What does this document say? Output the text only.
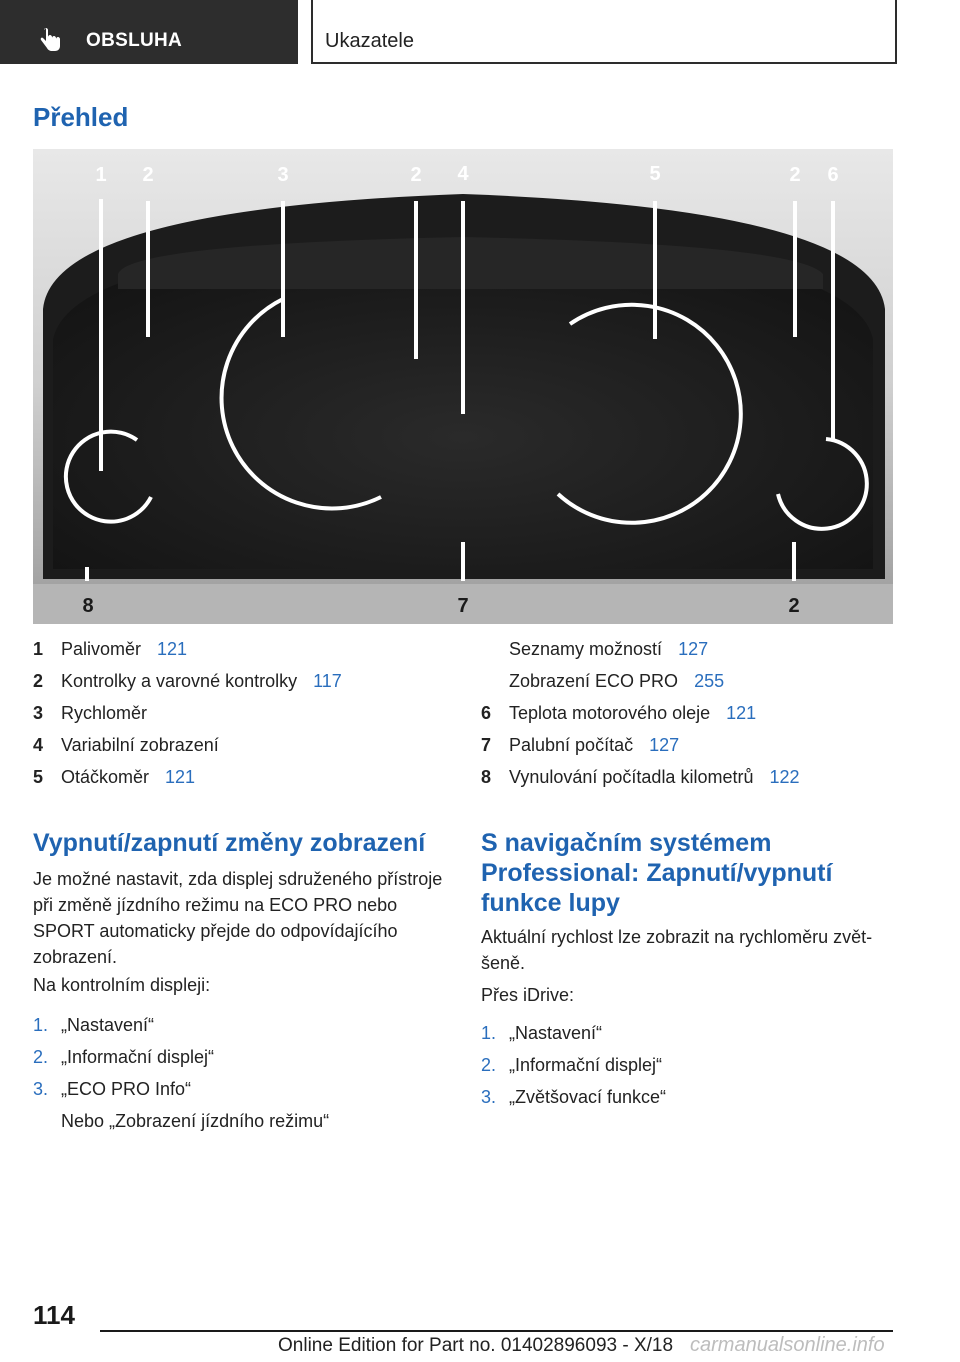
OBSLUHA	Ukazatele
Přehled
1 2	3	2 4	5	2 6
8	7	2
1 Palivoměr 121
2 Kontrolky a varovné kontrolky 117
3 Rychloměr
4 Variabilní zobrazení
5 Otáčkoměr 121
Seznamy možností 127
Zobrazení ECO PRO 255
6 Teplota motorového oleje 121
7 Palubní počítač 127
8 Vynulování počítadla kilometrů 122
Vypnutí/zapnutí změny zobrazení

Je možné nastavit, zda displej sdruženého přístroje při změně jízdního režimu na ECO PRO nebo SPORT automaticky přejde do odpovídajícího zobrazení.

Na kontrolním displeji:

1. „Nastavení“
2. „Informační displej“
3. „ECO PRO Info“
Nebo „Zobrazení jízdního režimu“
S navigačním systémem Professional: Zapnutí/vypnutí funkce lupy

Aktuální rychlost lze zobrazit na rychloměru zvětšeně.

Přes iDrive:

1. „Nastavení“
2. „Informační displej“
3. „Zvětšovací funkce“
114
Online Edition for Part no. 01402896093 - X/18 carmanualsonline.info
